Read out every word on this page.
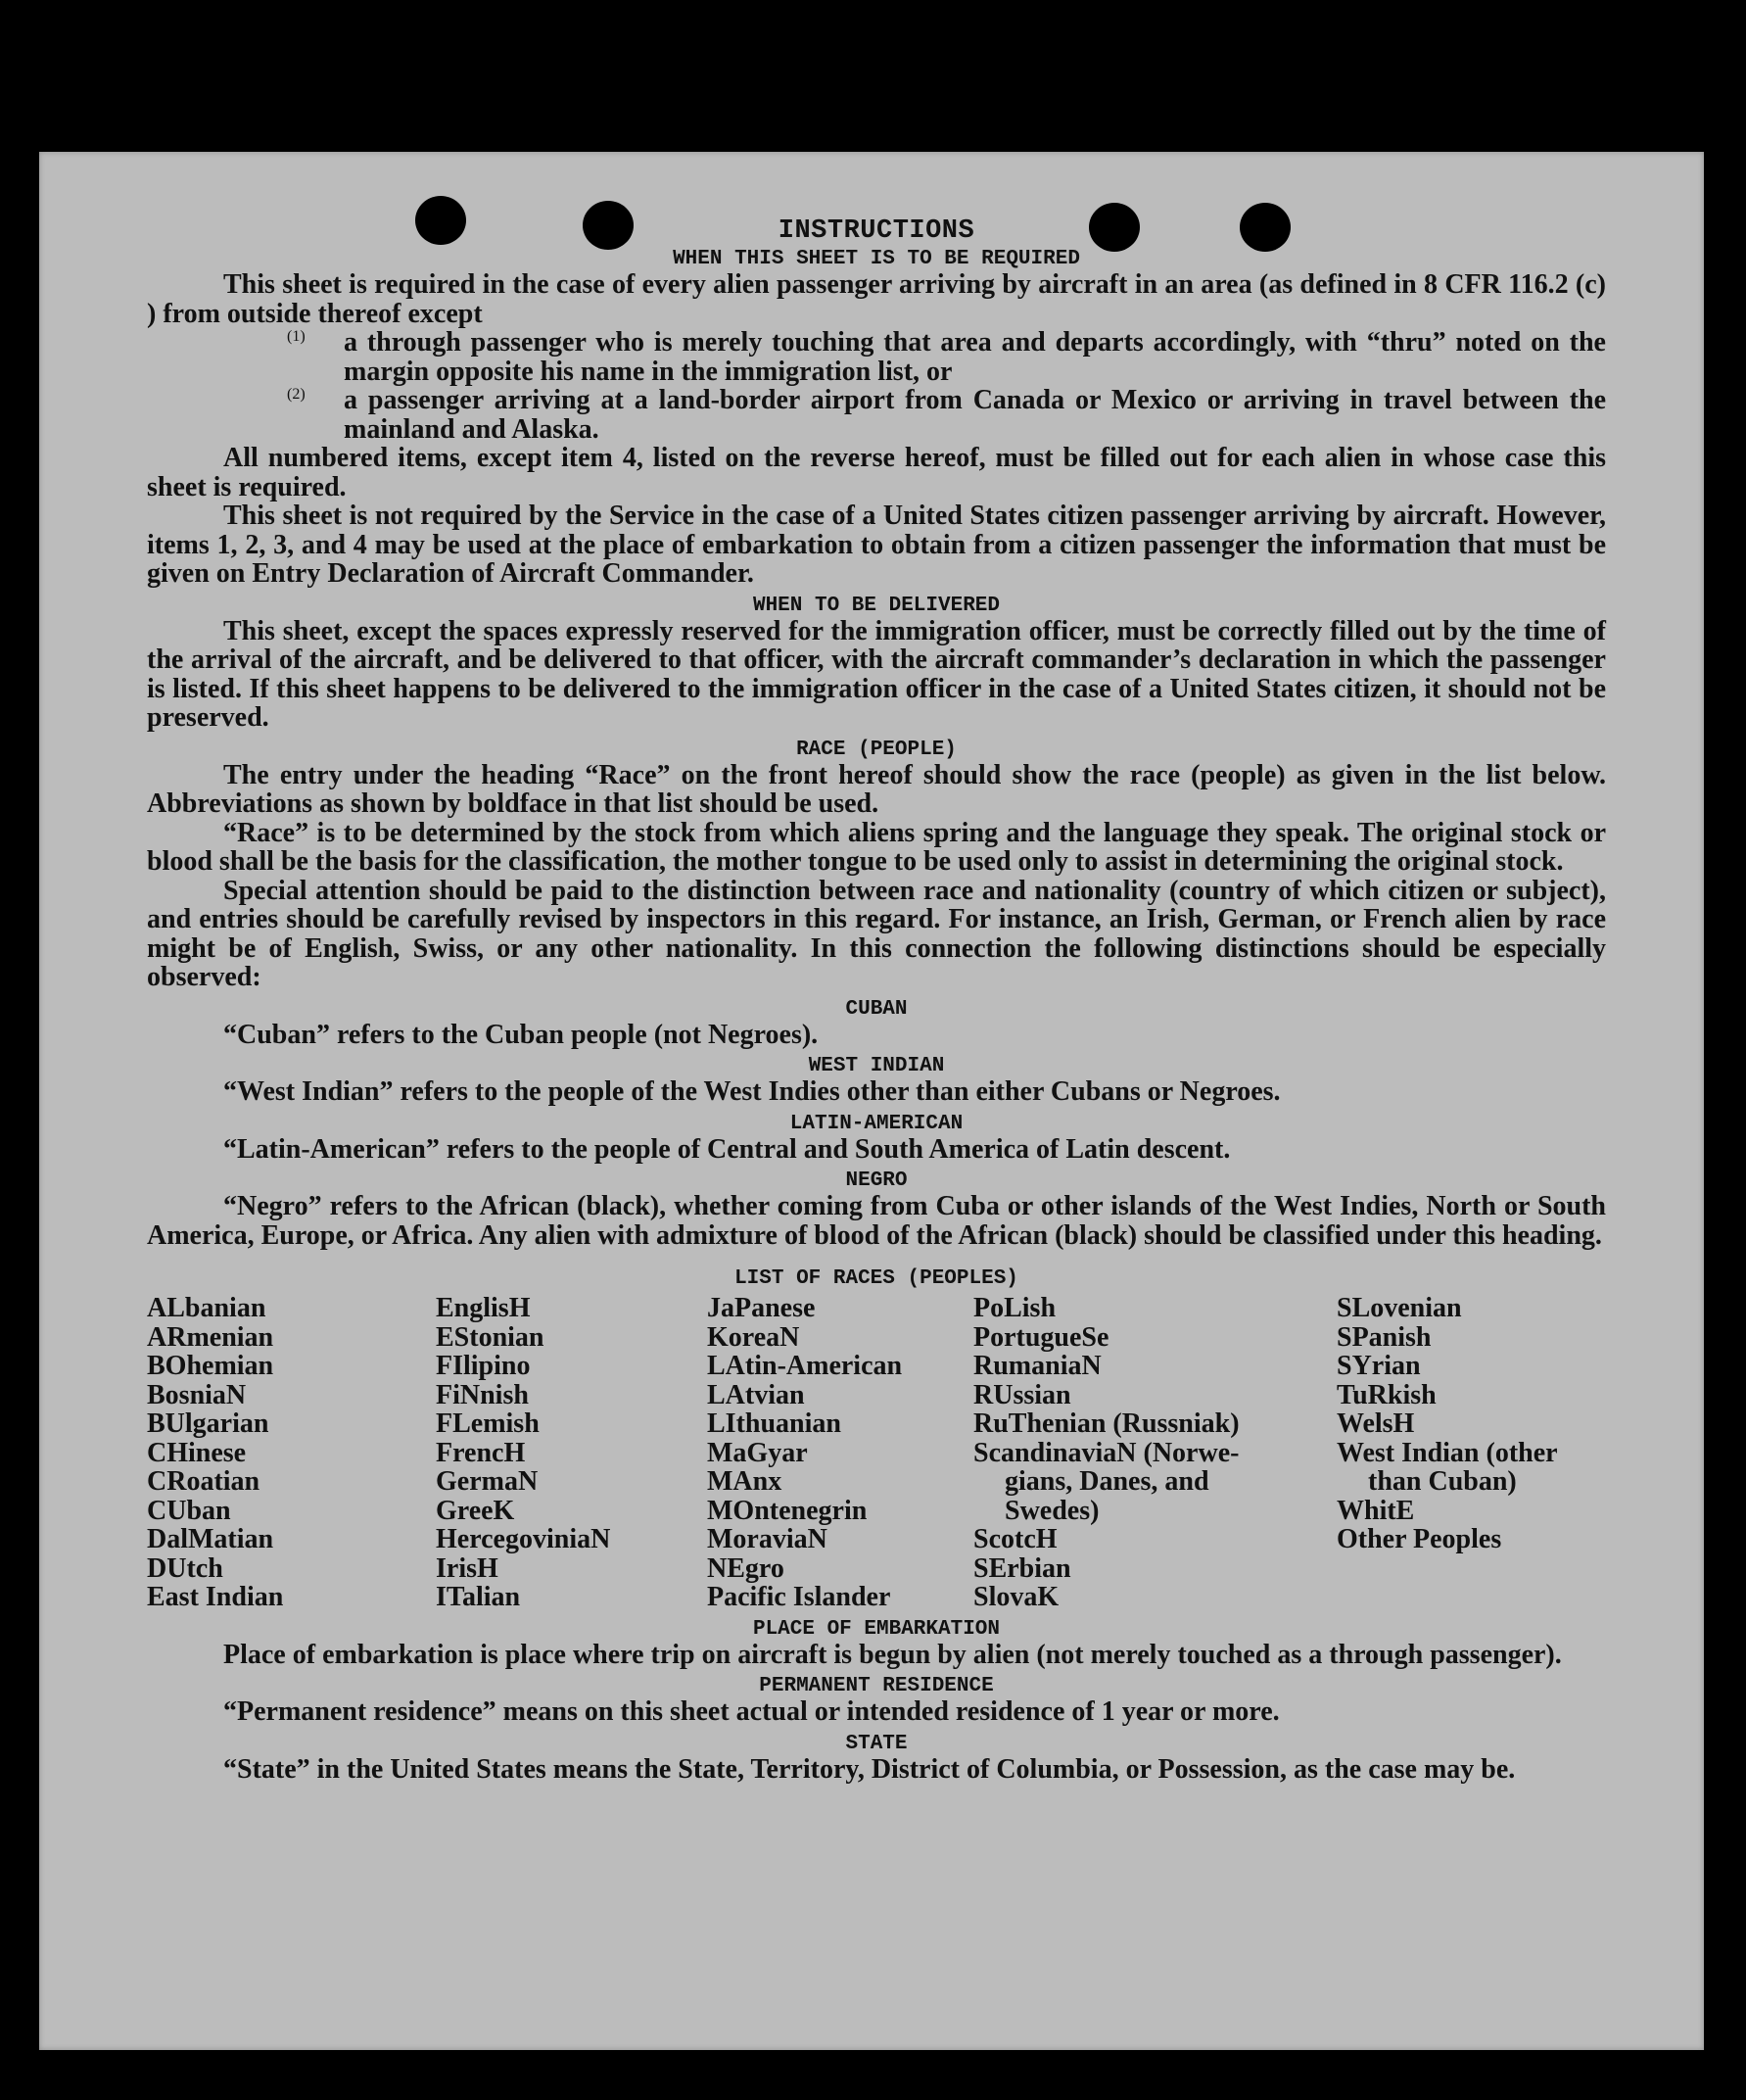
INSTRUCTIONS
WHEN THIS SHEET IS TO BE REQUIRED

This sheet is required in the case of every alien passenger arriving by aircraft in an area (as defined in 8 CFR 116.2 (c) ) from outside thereof except

(1)	a through passenger who is merely touching that area and departs accordingly, with “thru” noted on the margin opposite his name in the immigration list, or

(2)	a passenger arriving at a land-border airport from Canada or Mexico or arriving in travel between the mainland and Alaska.

All numbered items, except item 4, listed on the reverse hereof, must be filled out for each alien in whose case this sheet is required.

This sheet is not required by the Service in the case of a United States citizen passenger arriving by aircraft. However, items 1, 2, 3, and 4 may be used at the place of embarkation to obtain from a citizen passenger the information that must be given on Entry Declaration of Aircraft Commander.

WHEN TO BE DELIVERED

This sheet, except the spaces expressly reserved for the immigration officer, must be correctly filled out by the time of the arrival of the aircraft, and be delivered to that officer, with the aircraft commander’s declaration in which the passenger is listed. If this sheet happens to be delivered to the immigration officer in the case of a United States citizen, it should not be preserved.

RACE (PEOPLE)

The entry under the heading “Race” on the front hereof should show the race (people) as given in the list below. Abbreviations as shown by boldface in that list should be used.

“Race” is to be determined by the stock from which aliens spring and the language they speak. The original stock or blood shall be the basis for the classification, the mother tongue to be used only to assist in determining the original stock.

Special attention should be paid to the distinction between race and nationality (country of which citizen or subject), and entries should be carefully revised by inspectors in this regard. For instance, an Irish, German, or French alien by race might be of English, Swiss, or any other nationality. In this connection the following distinctions should be especially observed:

CUBAN

“Cuban” refers to the Cuban people (not Negroes).

WEST INDIAN

“West Indian” refers to the people of the West Indies other than either Cubans or Negroes.

LATIN-AMERICAN

“Latin-American” refers to the people of Central and South America of Latin descent.

NEGRO

“Negro” refers to the African (black), whether coming from Cuba or other islands of the West Indies, North or South America, Europe, or Africa. Any alien with admixture of blood of the African (black) should be classified under this heading.

LIST OF RACES (PEOPLES)
ALbanian
ARmenian
BOhemian
BosniaN
BUlgarian
CHinese
CRoatian
CUban
DalMatian
DUtch
East Indian
EnglisH
EStonian
FIlipino
FiNnish
FLemish
FrencH
GermaN
GreeK
HercegoviniaN
IrisH
ITalian
JaPanese
KoreaN
LAtin-American
LAtvian
LIthuanian
MaGyar
MAnx
MOntenegrin
MoraviaN
NEgro
Pacific Islander
PoLish
PortugueSe
RumaniaN
RUssian
RuThenian (Russniak)
ScandinaviaN (Norwe-
gians, Danes, and
Swedes)
ScotcH
SErbian
SlovaK
SLovenian
SPanish
SYrian
TuRkish
WelsH
West Indian (other
than Cuban)
WhitE
Other Peoples
PLACE OF EMBARKATION

Place of embarkation is place where trip on aircraft is begun by alien (not merely touched as a through passenger).

PERMANENT RESIDENCE

“Permanent residence” means on this sheet actual or intended residence of 1 year or more.

STATE

“State” in the United States means the State, Territory, District of Columbia, or Possession, as the case may be.
